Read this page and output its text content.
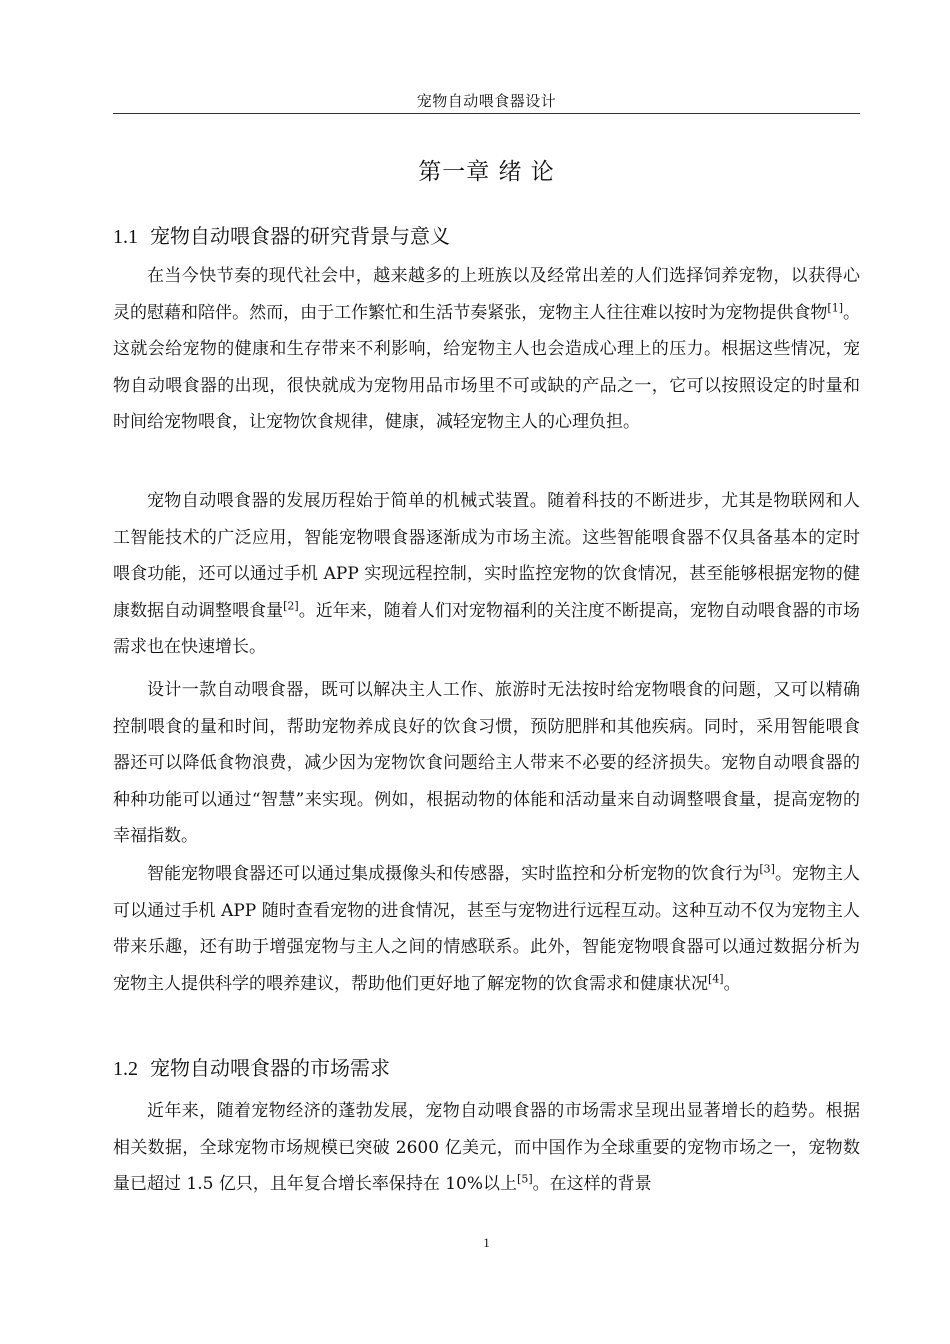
宠物自动喂食器设计
第一章 绪 论
1.1 宠物自动喂食器的研究背景与意义

在当今快节奏的现代社会中，越来越多的上班族以及经常出差的人们选择饲养宠物，以获得心灵的慰藉和陪伴。然而，由于工作繁忙和生活节奏紧张，宠物主人往往难以按时为宠物提供食物[1]。这就会给宠物的健康和生存带来不利影响，给宠物主人也会造成心理上的压力。根据这些情况，宠物自动喂食器的出现，很快就成为宠物用品市场里不可或缺的产品之一，它可以按照设定的时量和时间给宠物喂食，让宠物饮食规律，健康，减轻宠物主人的心理负担。

宠物自动喂食器的发展历程始于简单的机械式装置。随着科技的不断进步，尤其是物联网和人工智能技术的广泛应用，智能宠物喂食器逐渐成为市场主流。这些智能喂食器不仅具备基本的定时喂食功能，还可以通过手机 APP 实现远程控制，实时监控宠物的饮食情况，甚至能够根据宠物的健康数据自动调整喂食量[2]。近年来，随着人们对宠物福利的关注度不断提高，宠物自动喂食器的市场需求也在快速增长。

设计一款自动喂食器，既可以解决主人工作、旅游时无法按时给宠物喂食的问题，又可以精确控制喂食的量和时间，帮助宠物养成良好的饮食习惯，预防肥胖和其他疾病。同时，采用智能喂食器还可以降低食物浪费，减少因为宠物饮食问题给主人带来不必要的经济损失。宠物自动喂食器的种种功能可以通过“智慧”来实现。例如，根据动物的体能和活动量来自动调整喂食量，提高宠物的幸福指数。

智能宠物喂食器还可以通过集成摄像头和传感器，实时监控和分析宠物的饮食行为[3]。宠物主人可以通过手机 APP 随时查看宠物的进食情况，甚至与宠物进行远程互动。这种互动不仅为宠物主人带来乐趣，还有助于增强宠物与主人之间的情感联系。此外，智能宠物喂食器可以通过数据分析为宠物主人提供科学的喂养建议，帮助他们更好地了解宠物的饮食需求和健康状况[4]。

1.2 宠物自动喂食器的市场需求

近年来，随着宠物经济的蓬勃发展，宠物自动喂食器的市场需求呈现出显著增长的趋势。根据相关数据，全球宠物市场规模已突破 2600 亿美元，而中国作为全球重要的宠物市场之一，宠物数量已超过 1.5 亿只，且年复合增长率保持在 10%以上[5]。在这样的背景

1
